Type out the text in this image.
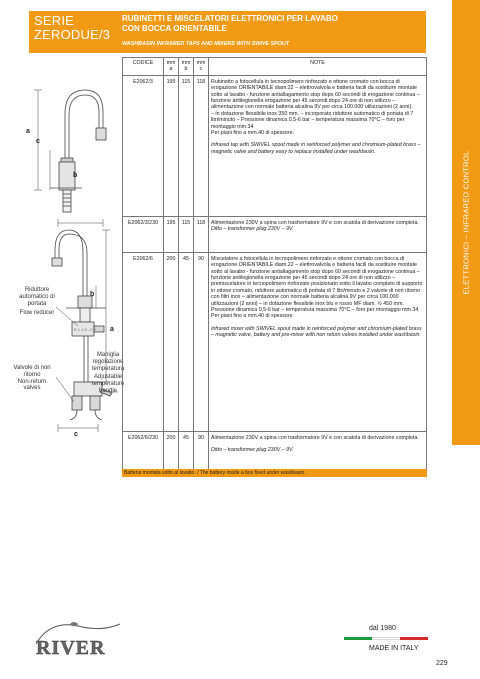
SERIE
ZERODUE/3
RUBINETTI E MISCELATORI ELETTRONICI PER LAVABO
CON BOCCA ORIENTABILE
WASHBASIN INFRARED TAPS AND MIXERS WITH SWIVE SPOUT
ELETTRONICI – INFRARED CONTROL
E 1 1 8 - 0 2
a
c
b
b
a
c
Riduttore automatico di portata
Flow reducer
Valvole di non ritorno
Non-return valves
Maniglia regolazione temperatura
Adjustable temperature handle
CODICE	mm a	mm b	mm c	NOTE
E2062/3	195	115	118	Rubinetto a fotocellula in tecnopolimero rinforzato e ottone cromato con bocca di erogazione ORIENTABILE diam.22 – elettrovalvola e batteria facili da sostituire montate sotto al lavabo - funzione antiallagamento stop dopo 60 secondi di erogazione continua – funzione antilegionella erogazione per 45 secondi dopo 24 ore di non utilizzo – alimentazione con normale batteria alcalina 9V per circa 100.000 utilizzazioni (2 anni).
– in dotazione flessibile inox 350 mm. – incorporato riduttore automatico di portata di 7 litri/minuto – Pressione dinamica 0,5-6 bar – temperatura massima 70°C – foro per montaggio mm.34
Per piani fino a mm.40 di spessore.

Infrared tap with SWIVEL spout made in reinforced polymer and chromium-plated brass – magnetic valve and battery easy to replace installed under washbasin.

E2062/3/230	195	115	118	Alimentazione 230V a spina con trasformatore 9V e con scatola di derivazione completa.

Ditto – transformer plug 230V – 9V.

E2062/6	200	45	90	Miscelatore a fotocellula in tecnopolimero rinforzato e ottone cromato con bocca di erogazione ORIENTABILE diam.22 – elettrovalvola e batteria facili da sostituire montate sotto al lavabo - funzione antiallagamento stop dopo 60 secondi di erogazione continua – funzione antilegionella erogazione per 45 secondi dopo 24 ore di non utilizzo – premiscelatore in tecnopolimero rinforzato posizionato sotto il lavabo completo di supporto in ottone cromato, riduttore automatico di portata di 7 litri/minuto e 2 valvole di non ritorno con filtri inox – alimentazione con normale batteria alcalina 9V per circa 100.000 utilizzazioni (2 anni) – in dotazione flessibile inox blu e rosso MF diam. ½ 450 mm. Pressione dinamica 0,5-6 bar – temperatura massima 70°C – foro per montaggio mm.34
Per piani fino a mm.40 di spessore

Infrared mixer with SWIVEL spout made in reinforced polymer and chromium-plated brass – magnetic valve, battery and pre-mixer with non return valves installed under washbasin.

E2062/6/230	200	45	90	Alimentazione 230V a spina con trasformatore 9V e con scatola di derivazione completa.

Ditto – transformer plug 230V – 9V.

Batteria montata sotto al lavabo. / The battery inside a box fixed under washbasin.
RIVER
dal 1980
MADE IN ITALY
229
